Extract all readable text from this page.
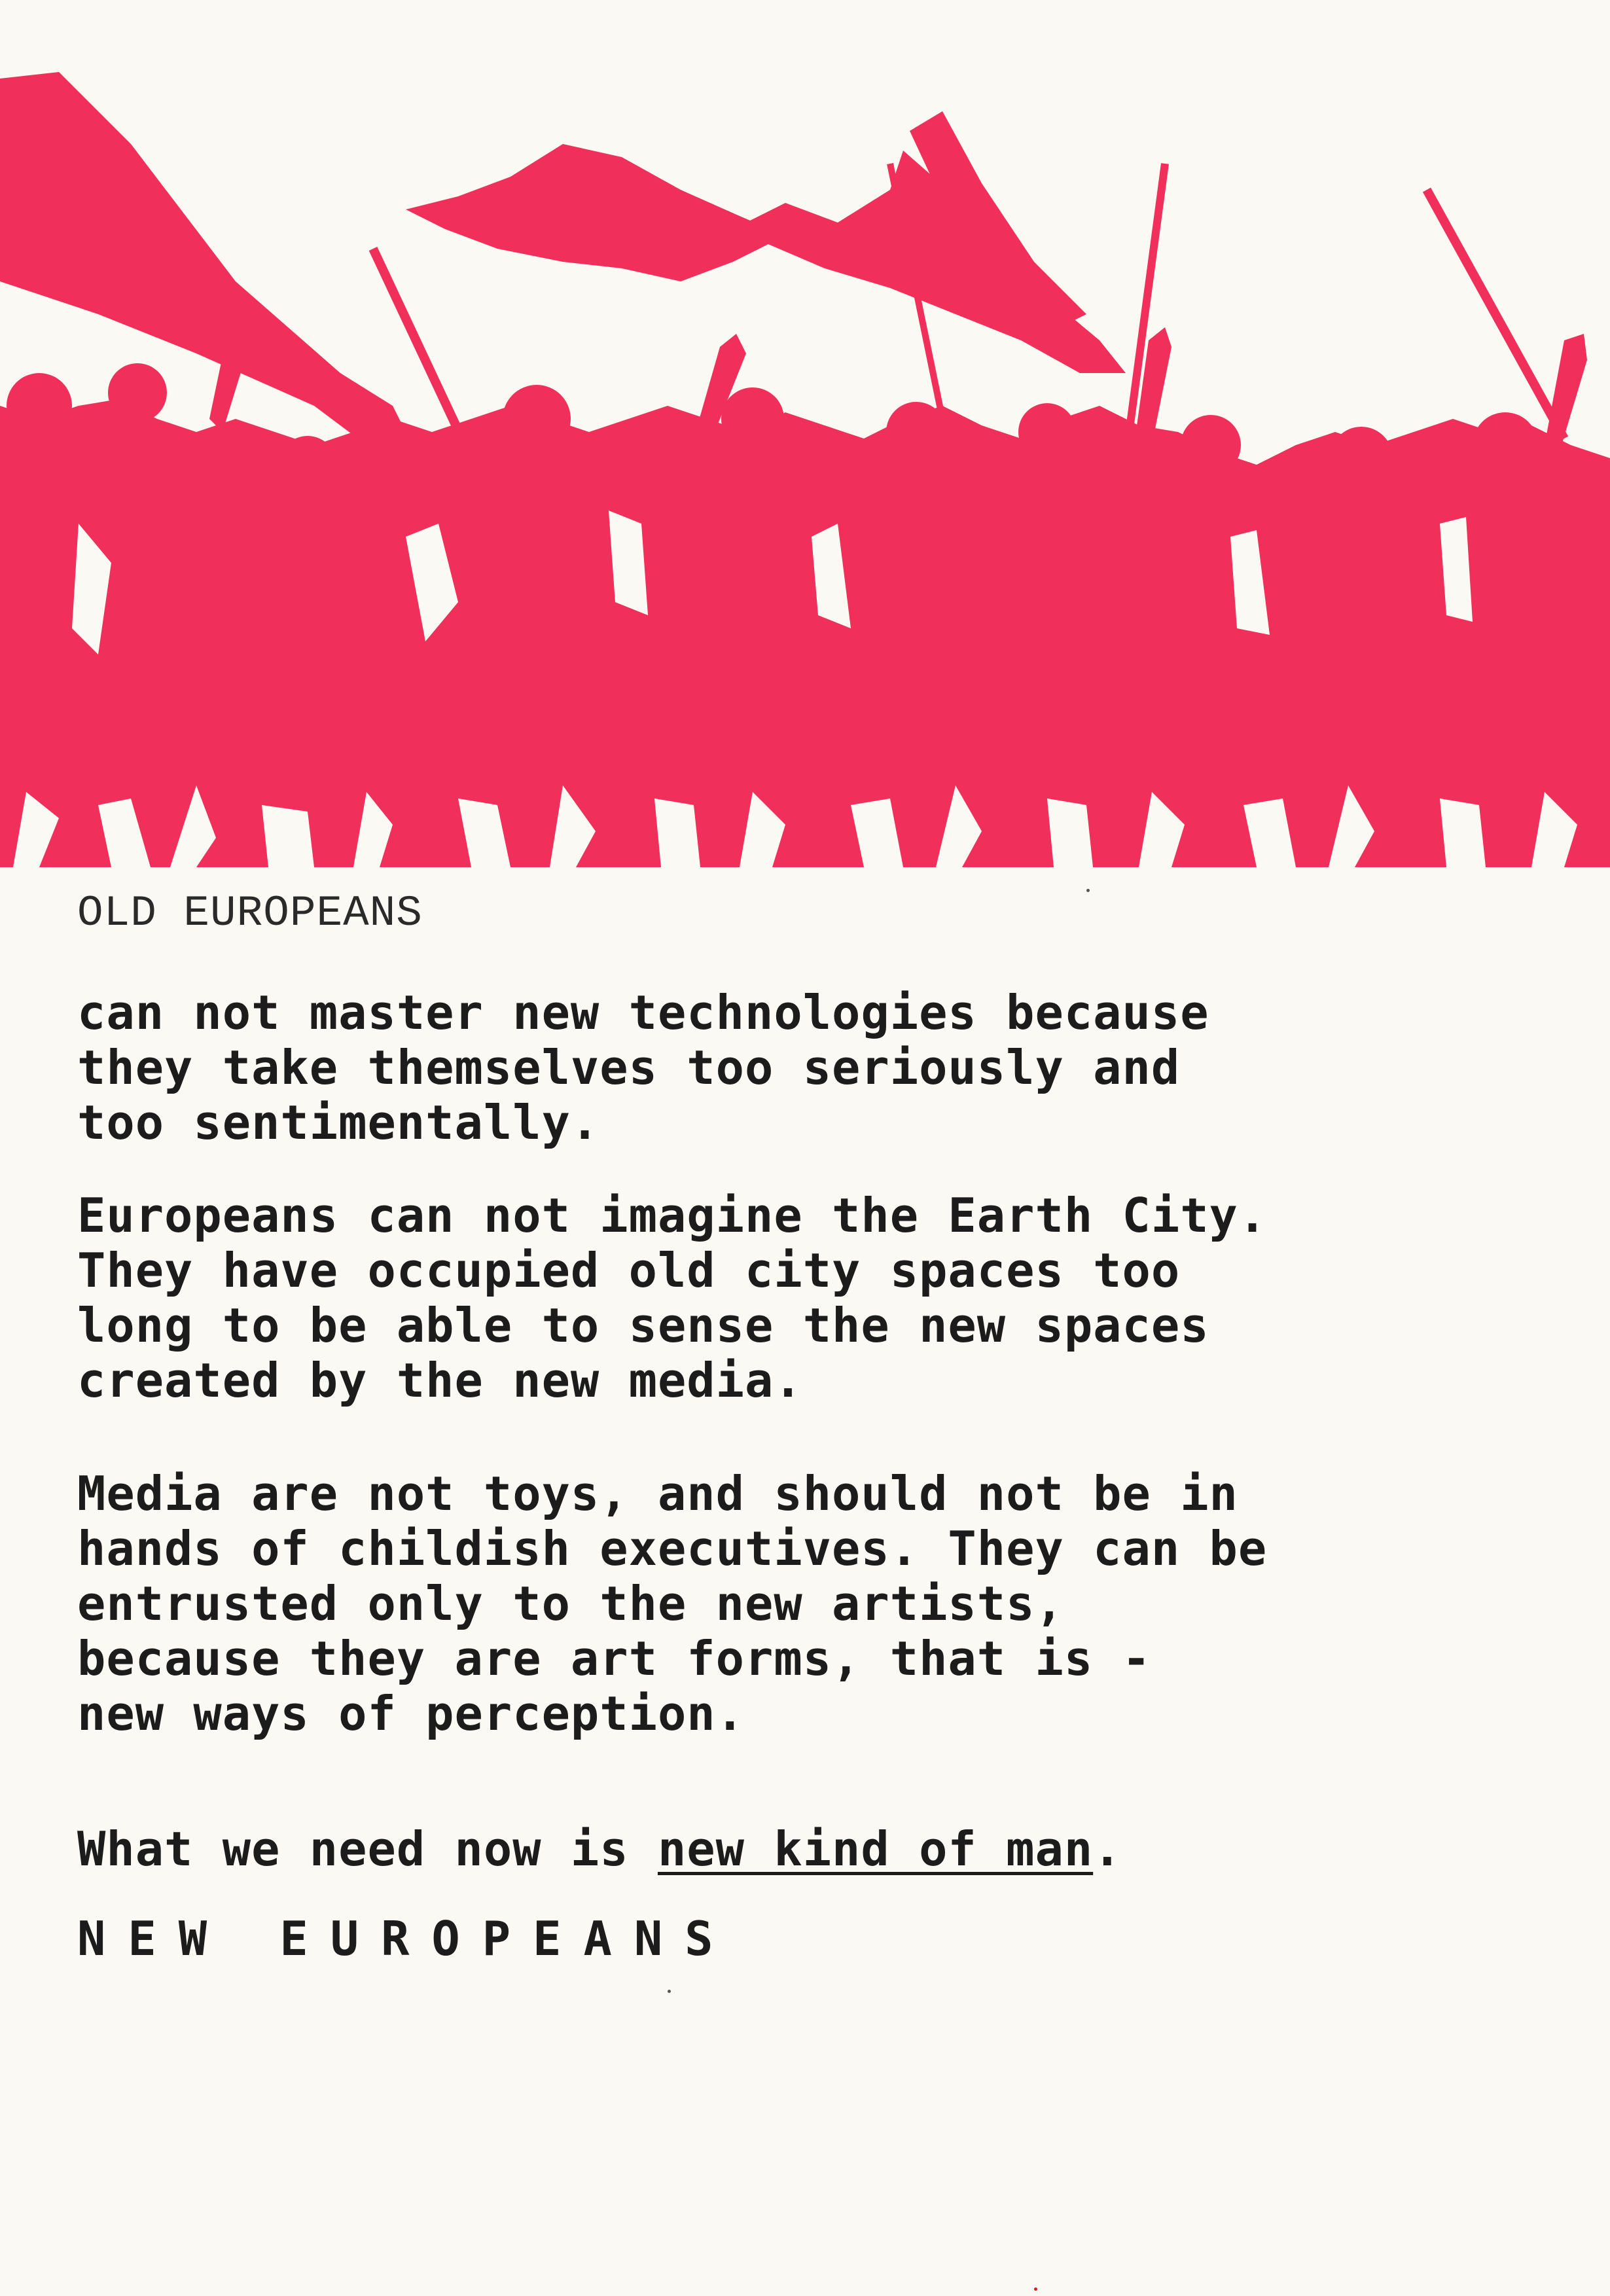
OLD EUROPEANS
can not master new technologies because
they take themselves too seriously and
too sentimentally.
Europeans can not imagine the Earth City.
They have occupied old city spaces too
long to be able to sense the new spaces
created by the new media.
Media are not toys, and should not be in
hands of childish executives. They can be
entrusted only to the new artists,
because they are art forms, that is -
new ways of perception.
What we need now is new kind of man.
NEW EUROPEANS
